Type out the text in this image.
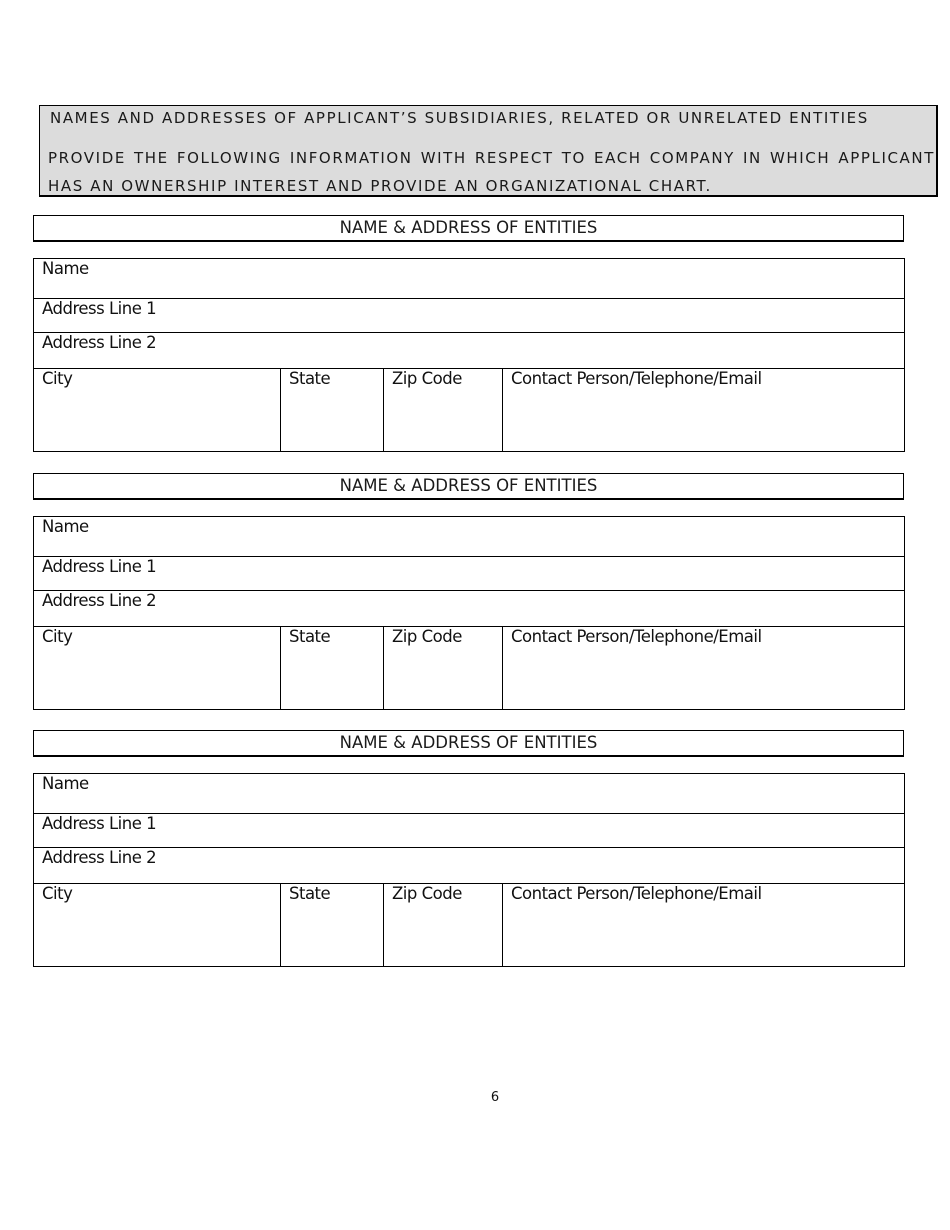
NAMES AND ADDRESSES OF APPLICANT’S SUBSIDIARIES, RELATED OR UNRELATED ENTITIES
PROVIDE THE FOLLOWING INFORMATION WITH RESPECT TO EACH COMPANY IN WHICH APPLICANT HAS AN OWNERSHIP INTEREST AND PROVIDE AN ORGANIZATIONAL CHART.
NAME & ADDRESS OF ENTITIES
Name
Address Line 1
Address Line 2
City	State	Zip Code	Contact Person/Telephone/Email
NAME & ADDRESS OF ENTITIES
Name
Address Line 1
Address Line 2
City	State	Zip Code	Contact Person/Telephone/Email
NAME & ADDRESS OF ENTITIES
Name
Address Line 1
Address Line 2
City	State	Zip Code	Contact Person/Telephone/Email
6
